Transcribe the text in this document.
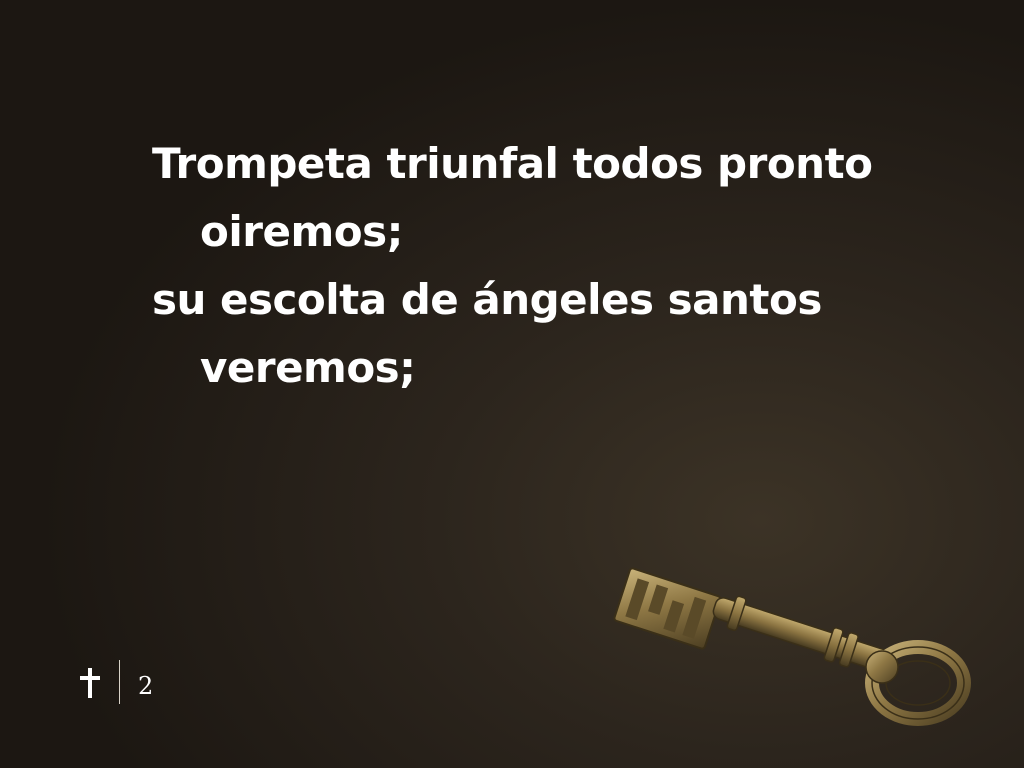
Trompeta triunfal todos pronto
oiremos;
su escolta de ángeles santos
veremos;
2
